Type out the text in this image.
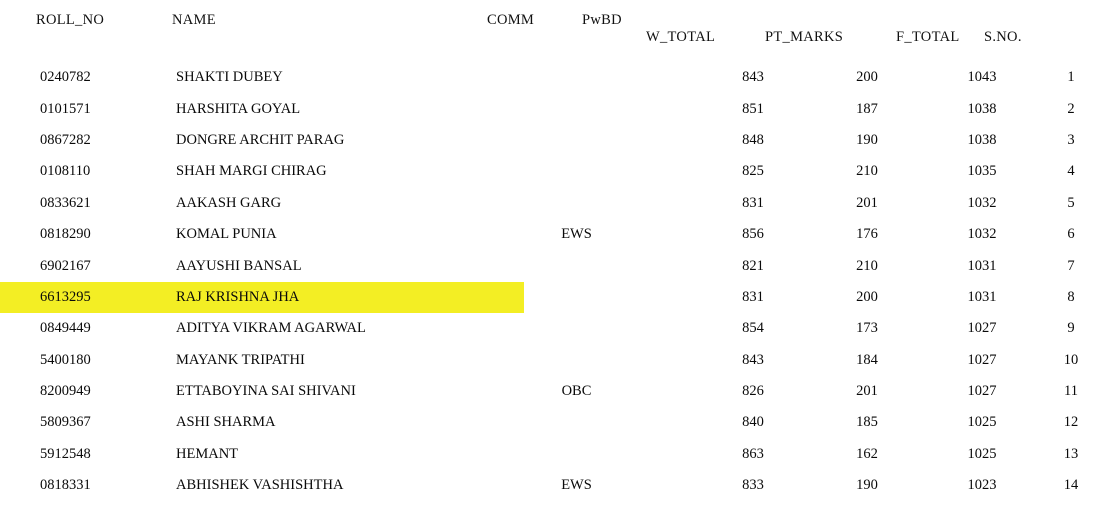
ROLL_NO	NAME	COMM	PwBD
W_TOTAL	PT_MARKS	F_TOTAL S.NO.
0240782	SHAKTI DUBEY			843	200	1043	1
0101571	HARSHITA GOYAL			851	187	1038	2
0867282	DONGRE ARCHIT PARAG			848	190	1038	3
0108110	SHAH MARGI CHIRAG			825	210	1035	4
0833621	AAKASH GARG			831	201	1032	5
0818290	KOMAL PUNIA	EWS		856	176	1032	6
6902167	AAYUSHI BANSAL			821	210	1031	7
6613295	RAJ KRISHNA JHA			831	200	1031	8
0849449	ADITYA VIKRAM AGARWAL			854	173	1027	9
5400180	MAYANK TRIPATHI			843	184	1027	10
8200949	ETTABOYINA SAI SHIVANI	OBC		826	201	1027	11
5809367	ASHI SHARMA			840	185	1025	12
5912548	HEMANT			863	162	1025	13
0818331	ABHISHEK VASHISHTHA	EWS		833	190	1023	14
